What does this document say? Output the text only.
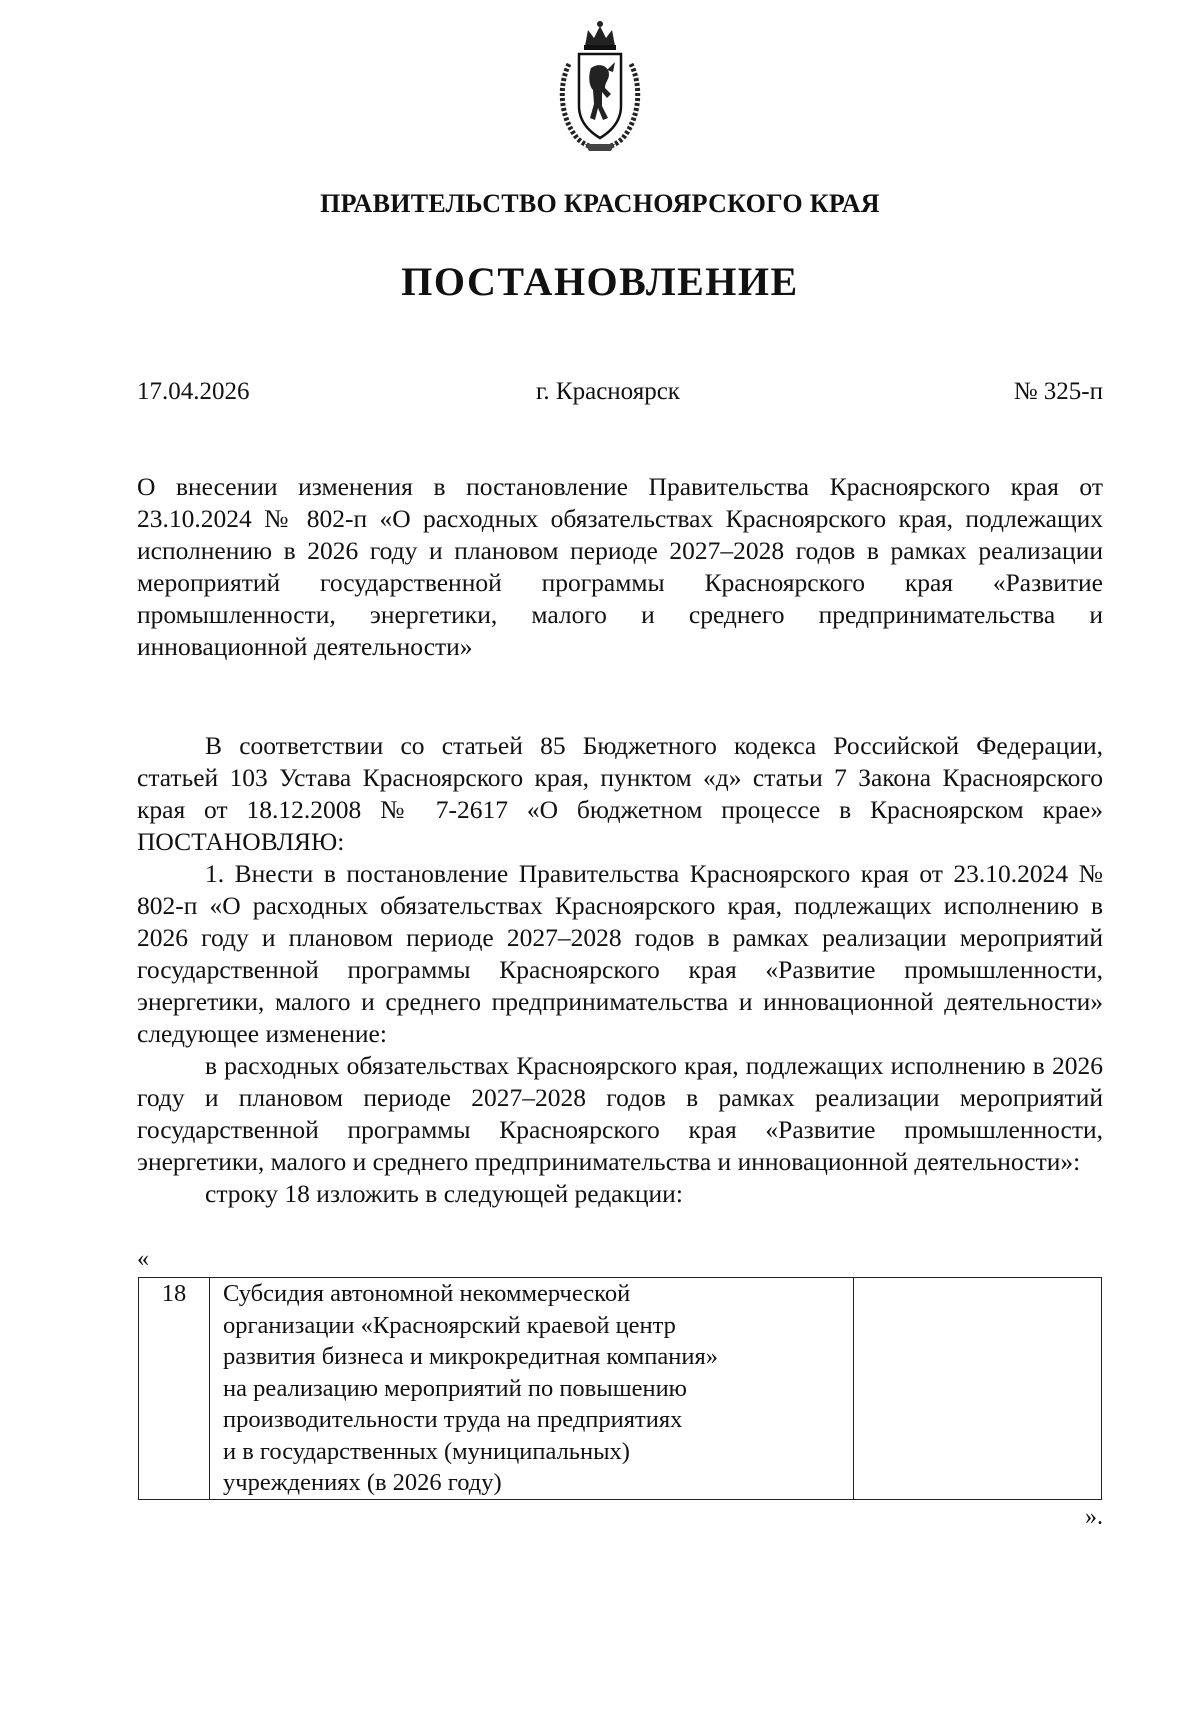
ПРАВИТЕЛЬСТВО КРАСНОЯРСКОГО КРАЯ
ПОСТАНОВЛЕНИЕ
17.04.2026	г. Красноярск	№ 325-п
О внесении изменения в постановление Правительства Красноярского края от 23.10.2024 № 802-п «О расходных обязательствах Красноярского края, подлежащих исполнению в 2026 году и плановом периоде 2027–2028 годов в рамках реализации мероприятий государственной программы Красноярского края «Развитие промышленности, энергетики, малого и среднего предпринимательства и инновационной деятельности»

В соответствии со статьей 85 Бюджетного кодекса Российской Федерации, статьей 103 Устава Красноярского края, пунктом «д» статьи 7 Закона Красноярского края от 18.12.2008 № 7-2617 «О бюджетном процессе в Красноярском крае» ПОСТАНОВЛЯЮ:

1. Внести в постановление Правительства Красноярского края от 23.10.2024 № 802-п «О расходных обязательствах Красноярского края, подлежащих исполнению в 2026 году и плановом периоде 2027–2028 годов в рамках реализации мероприятий государственной программы Красноярского края «Развитие промышленности, энергетики, малого и среднего предпринимательства и инновационной деятельности» следующее изменение:

в расходных обязательствах Красноярского края, подлежащих исполнению в 2026 году и плановом периоде 2027–2028 годов в рамках реализации мероприятий государственной программы Красноярского края «Развитие промышленности, энергетики, малого и среднего предпринимательства и инновационной деятельности»:

строку 18 изложить в следующей редакции:

«
18	Субсидия автономной некоммерческой
организации «Красноярский краевой центр
развития бизнеса и микрокредитная компания»
на реализацию мероприятий по повышению
производительности труда на предприятиях
и в государственных (муниципальных)
учреждениях (в 2026 году)

».
